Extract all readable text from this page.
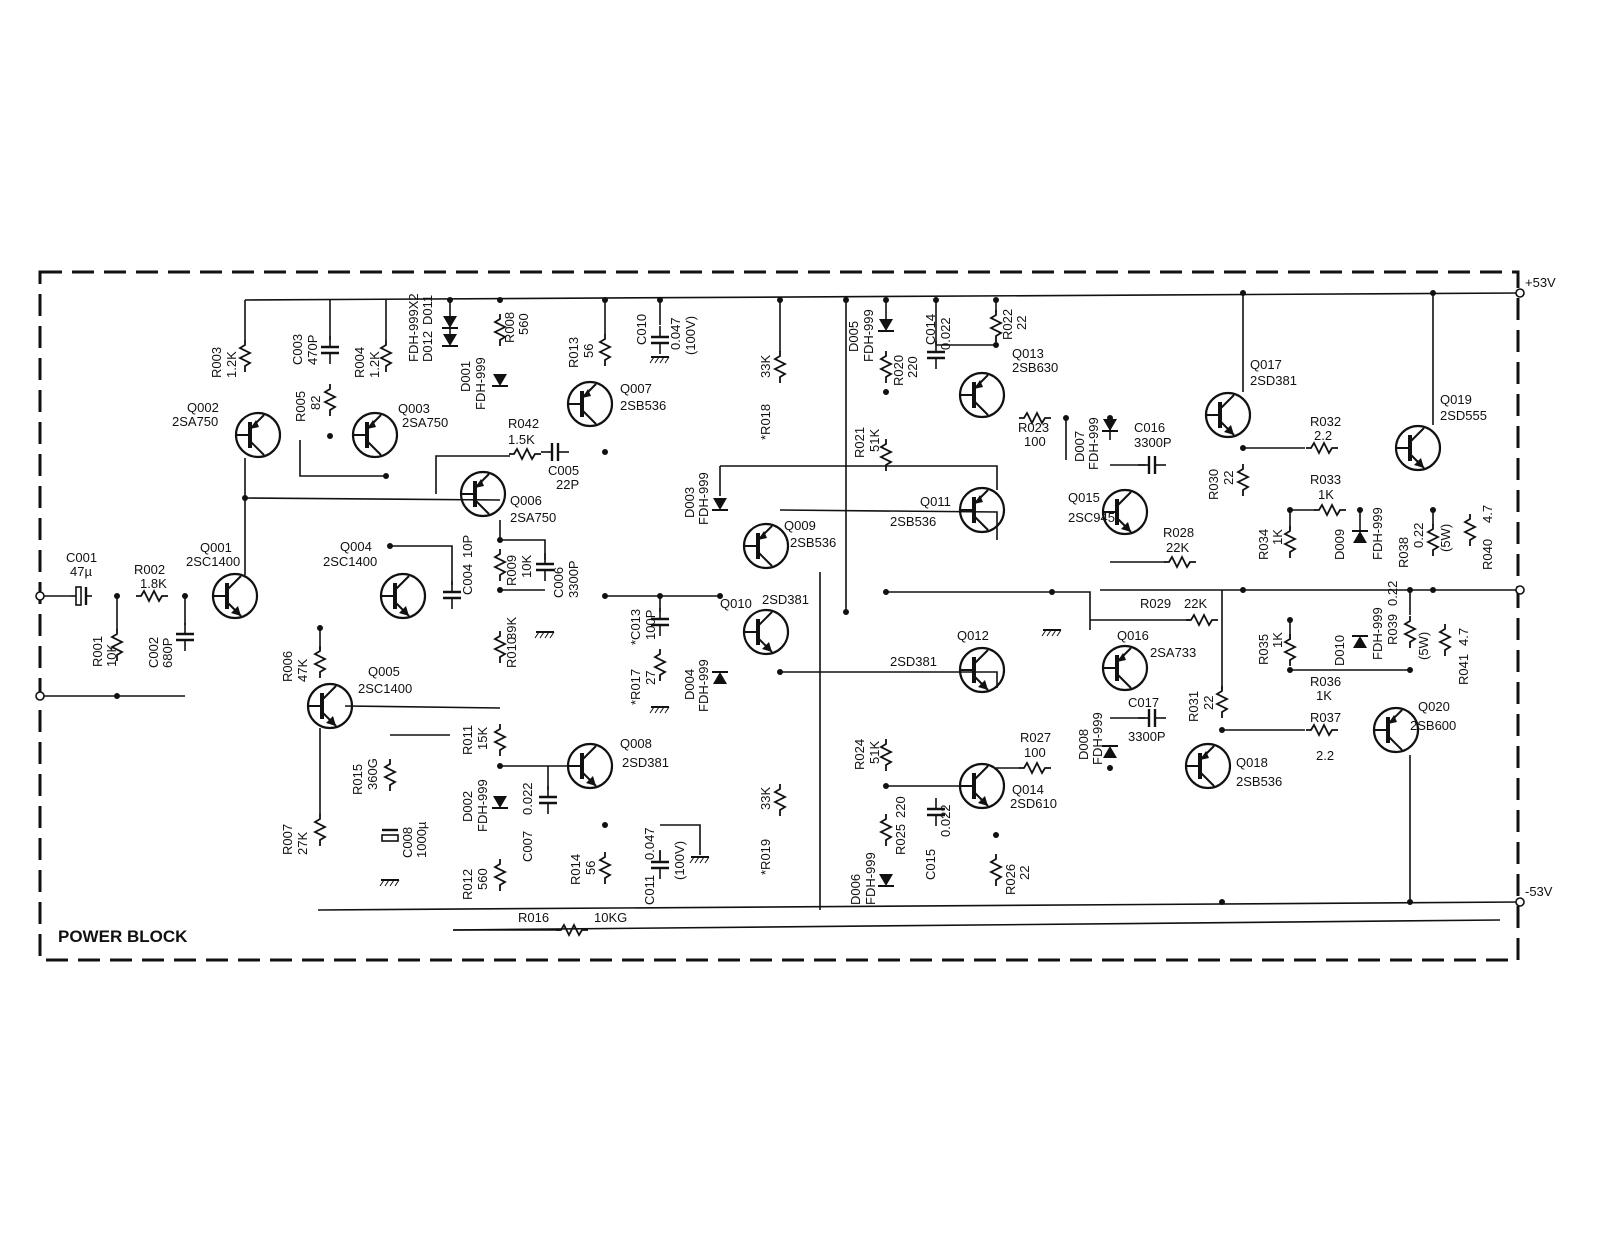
POWER BLOCK
+53V
-53V
Q001
2SC1400
Q002
2SA750
Q003
2SA750
Q004
2SC1400
Q005
2SC1400
Q006
2SA750
Q007
2SB536
Q008
2SD381
Q009
2SB536
Q010 2SD381
Q011
2SB536
Q012
2SD381
Q013
2SB630
Q014
2SD610
Q015
2SC945
Q016
2SA733
Q017
2SD381
Q018
2SB536
Q019
2SD555
Q020
2SB600
R001 10K
R002
1.8K
R003 1.2K	R004 1.2K
R005 82
R006 47K
R007 27K
R008 560
R009 10K
R010
39K
R011 15K
R012 560
R013 56
R014 56
R015 360G
R016	10KG
*R017 27
*R018
33K
*R019
33K
R020 220
R021 51K
R022 22
R023
100
R024 51K
R025
220
R026 22
R027
100
R028
22K
R029 22K
R030 22
R031 22
R032
2.2
R033
1K
R034 1K
R035 1K
R036
1K
R037
2.2
R038
0.22 (5W)
R039
0.22
(5W)
R040
4.7
R041
4.7
R042
1.5K
C001
47µ
C002 680P
C003 470P
C004
10P
C005
22P
C006 3300P
C007
0.022
C008 1000µ
C010 0.047 (100V)
C011
0.047 (100V)
*C013 100P
C014 0.022
C015
0.022
C016
3300P
C017
3300P
FDH-999X2 D012
D011
D001 FDH-999
D002 FDH-999
D003 FDH-999
D004 FDH-999
D005 FDH-999
D006 FDH-999
D007 FDH-999
D008 FDH-999
D009 FDH-999
D010 FDH-999
